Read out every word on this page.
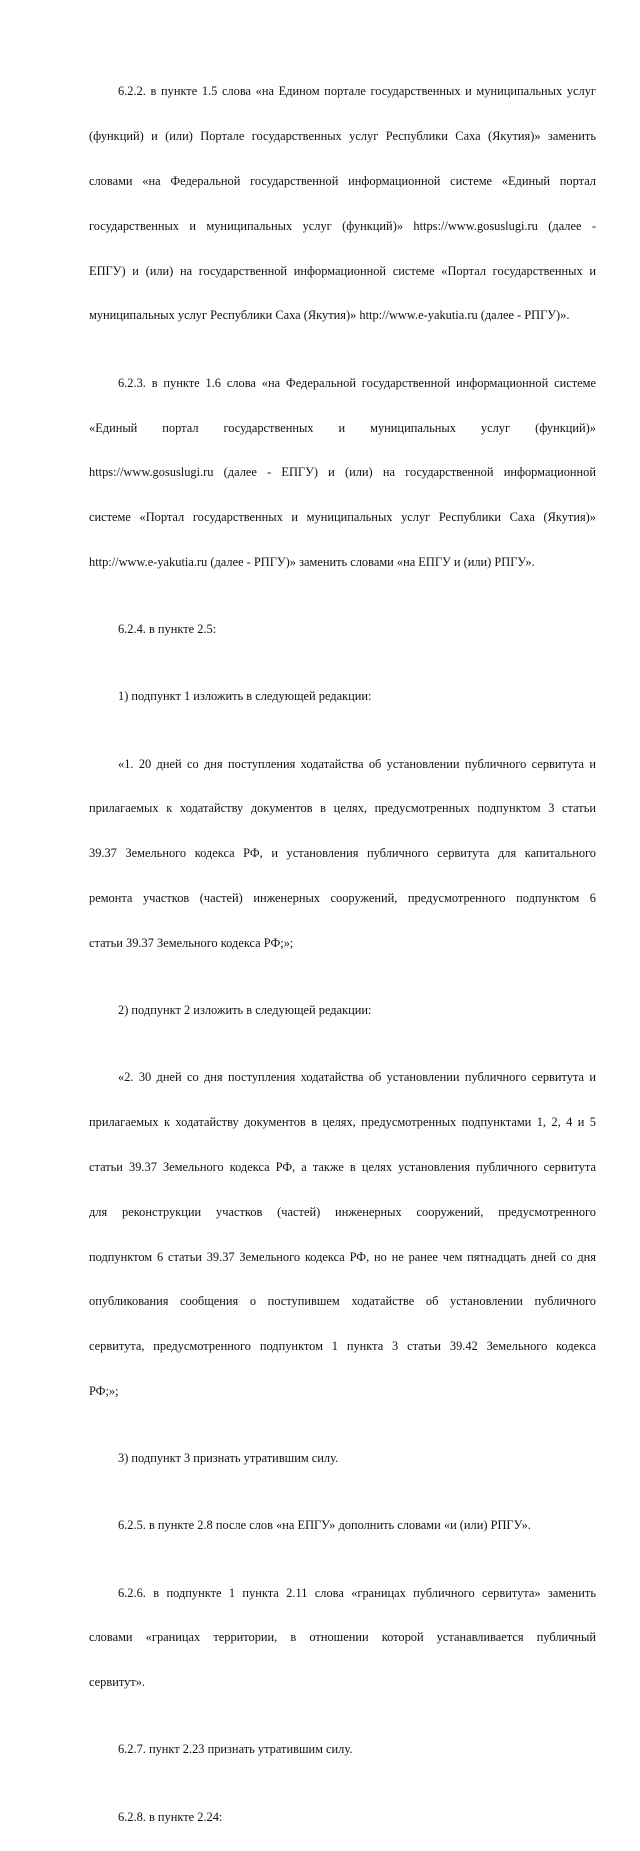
6.2.2. в пункте 1.5 слова «на Едином портале государственных и муниципальных услуг

(функций) и (или) Портале государственных услуг Республики Саха (Якутия)» заменить

словами «на Федеральной государственной информационной системе «Единый портал

государственных и муниципальных услуг (функций)» https://www.gosuslugi.ru (далее -

ЕПГУ) и (или) на государственной информационной системе «Портал государственных и

муниципальных услуг Республики Саха (Якутия)» http://www.e-yakutia.ru (далее - РПГУ)».

6.2.3. в пункте 1.6 слова «на Федеральной государственной информационной системе

«Единый портал государственных и муниципальных услуг (функций)»

https://www.gosuslugi.ru (далее - ЕПГУ) и (или) на государственной информационной

системе «Портал государственных и муниципальных услуг Республики Саха (Якутия)»

http://www.e-yakutia.ru (далее - РПГУ)» заменить словами «на ЕПГУ и (или) РПГУ».

6.2.4. в пункте 2.5:

1) подпункт 1 изложить в следующей редакции:

«1. 20 дней со дня поступления ходатайства об установлении публичного сервитута и

прилагаемых к ходатайству документов в целях, предусмотренных подпунктом 3 статьи

39.37 Земельного кодекса РФ, и установления публичного сервитута для капитального

ремонта участков (частей) инженерных сооружений, предусмотренного подпунктом 6

статьи 39.37 Земельного кодекса РФ;»;

2) подпункт 2 изложить в следующей редакции:

«2. 30 дней со дня поступления ходатайства об установлении публичного сервитута и

прилагаемых к ходатайству документов в целях, предусмотренных подпунктами 1, 2, 4 и 5

статьи 39.37 Земельного кодекса РФ, а также в целях установления публичного сервитута

для реконструкции участков (частей) инженерных сооружений, предусмотренного

подпунктом 6 статьи 39.37 Земельного кодекса РФ, но не ранее чем пятнадцать дней со дня

опубликования сообщения о поступившем ходатайстве об установлении публичного

сервитута, предусмотренного подпунктом 1 пункта 3 статьи 39.42 Земельного кодекса

РФ;»;

3) подпункт 3 признать утратившим силу.

6.2.5. в пункте 2.8 после слов «на ЕПГУ» дополнить словами «и (или) РПГУ».

6.2.6. в подпункте 1 пункта 2.11 слова «границах публичного сервитута» заменить

словами «границах территории, в отношении которой устанавливается публичный

сервитут».

6.2.7. пункт 2.23 признать утратившим силу.

6.2.8. в пункте 2.24:
